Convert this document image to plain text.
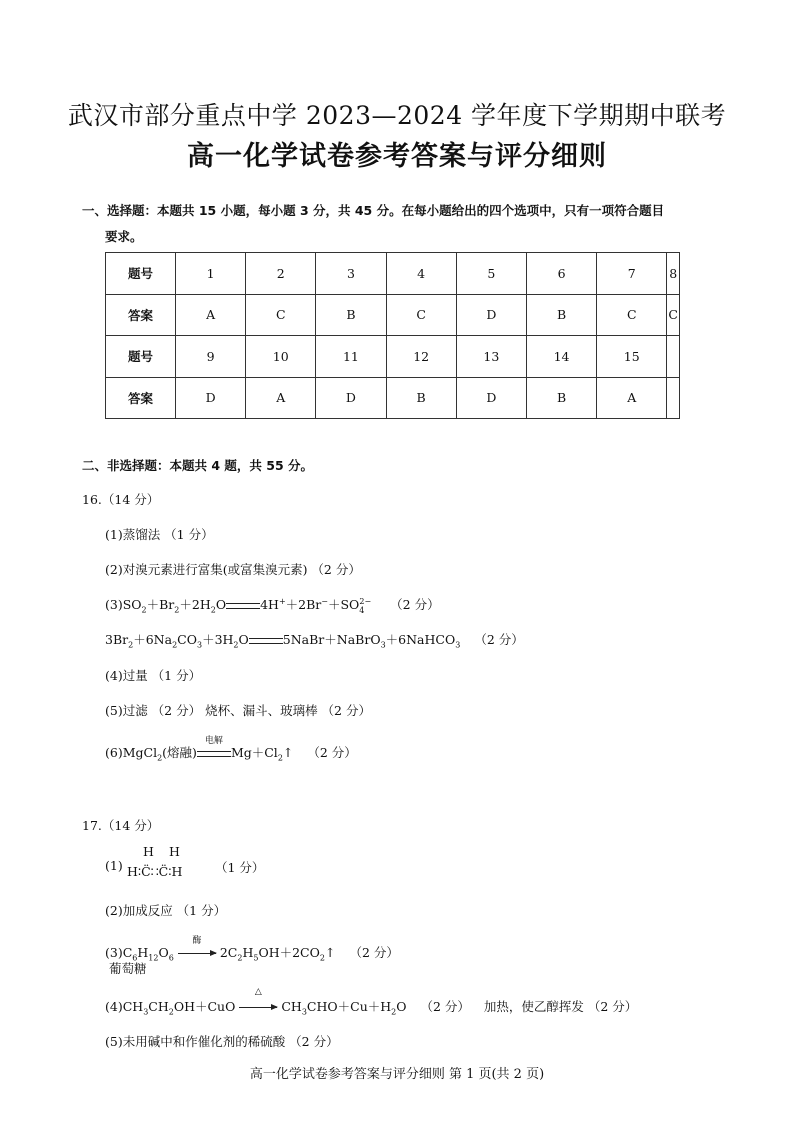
武汉市部分重点中学 2023—2024 学年度下学期期中联考
高一化学试卷参考答案与评分细则
一、选择题：本题共 15 小题，每小题 3 分，共 45 分。在每小题给出的四个选项中，只有一项符合题目
要求。
题号	1	2	3	4	5	6	7	8
答案	A	C	B	C	D	B	C	C
题号	9	10	11	12	13	14	15	
答案	D	A	D	B	D	B	A	
二、非选择题：本题共 4 题，共 55 分。
16.（14 分）
(1)蒸馏法 （1 分）
(2)对溴元素进行富集(或富集溴元素) （2 分）
$(3)SO_2+Br_2+2H_2O$	$4H^++2Br^-+SO_4^{2-}$ （2 分）
$3Br_2+6Na_2CO_3+3H_2O$	5NaBr＋NaBrO$_3$＋6NaHCO$_3$ （2 分）
(4)过量 （1 分）
(5)过滤 （2 分） 烧杯、漏斗、玻璃棒 （2 分）
(6)MgCl$_2$(熔融)
电解
$Mg+Cl_2↑$ （2 分）
17.（14 分）
(1)
H H
H∶C̈∷C̈∶H	（1 分）
(2)加成反应 （1 分）
$(3)C_6H_{12}O_6$
葡萄糖
酶
$2C_2H_5OH+2CO_2↑$ （2 分）
$(4)CH_3CH_2OH+CuO$
△
$CH_3CHO+Cu+H_2O$ （2 分） 加热，使乙醇挥发 （2 分）
(5)未用碱中和作催化剂的稀硫酸 （2 分）
高一化学试卷参考答案与评分细则 第 1 页(共 2 页)
